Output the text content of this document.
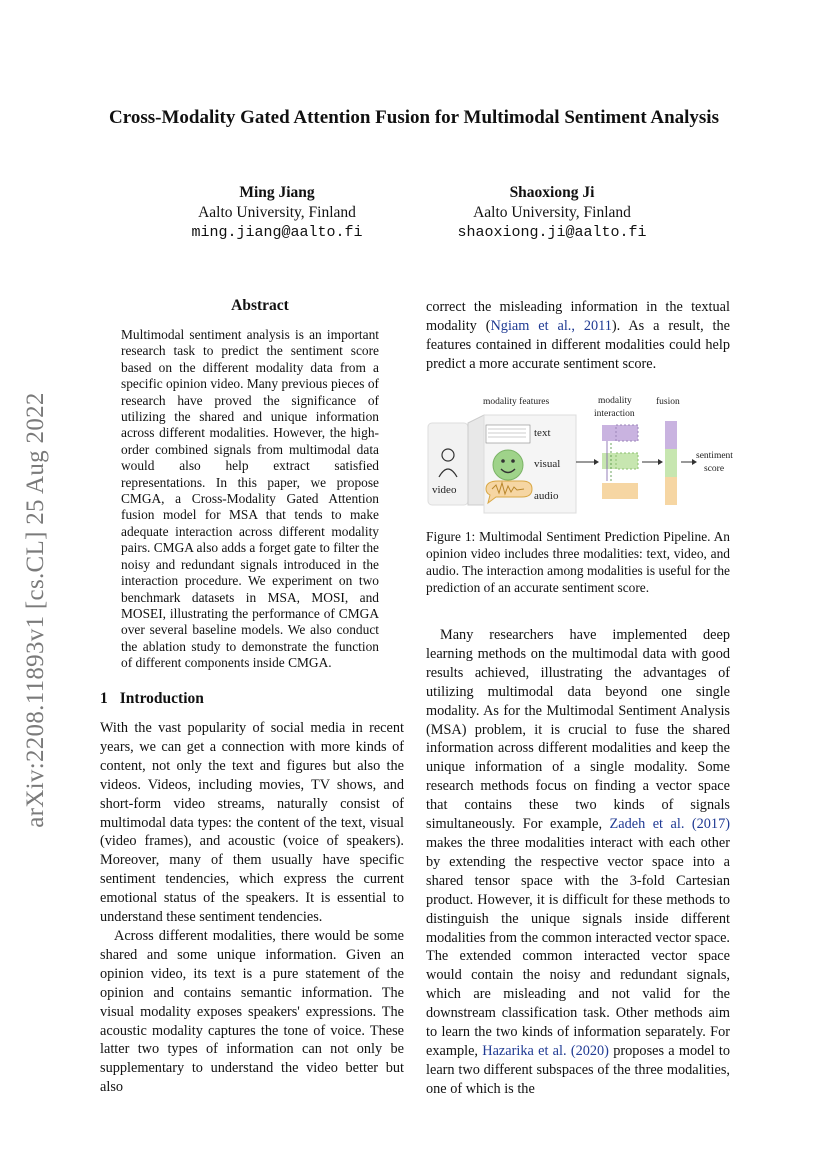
arXiv:2208.11893v1 [cs.CL] 25 Aug 2022
Cross-Modality Gated Attention Fusion for Multimodal Sentiment Analysis
Ming Jiang
Aalto University, Finland
ming.jiang@aalto.fi
Shaoxiong Ji
Aalto University, Finland
shaoxiong.ji@aalto.fi
Abstract
Multimodal sentiment analysis is an important research task to predict the sentiment score based on the different modality data from a specific opinion video. Many previous pieces of research have proved the significance of utilizing the shared and unique information across different modalities. However, the high-order combined signals from multimodal data would also help extract satisfied representations. In this paper, we propose CMGA, a Cross-Modality Gated Attention fusion model for MSA that tends to make adequate interaction across different modality pairs. CMGA also adds a forget gate to filter the noisy and redundant signals introduced in the interaction procedure. We experiment on two benchmark datasets in MSA, MOSI, and MOSEI, illustrating the performance of CMGA over several baseline models. We also conduct the ablation study to demonstrate the function of different components inside CMGA.
1 Introduction

With the vast popularity of social media in recent years, we can get a connection with more kinds of content, not only the text and figures but also the videos. Videos, including movies, TV shows, and short-form video streams, naturally consist of multimodal data types: the content of the text, visual (video frames), and acoustic (voice of speakers). Moreover, many of them usually have specific sentiment tendencies, which express the current emotional status of the speakers. It is essential to understand these sentiment tendencies.

Across different modalities, there would be some shared and some unique information. Given an opinion video, its text is a pure statement of the opinion and contains semantic information. The visual modality exposes speakers' expressions. The acoustic modality captures the tone of voice. These latter two types of information can not only be supplementary to understand the video better but also

correct the misleading information in the textual modality (Ngiam et al., 2011). As a result, the features contained in different modalities could help predict a more accurate sentiment score.

modality features	modality
interaction
fusion
text
visual
audio
video
sentiment
score
Figure 1: Multimodal Sentiment Prediction Pipeline. An opinion video includes three modalities: text, video, and audio. The interaction among modalities is useful for the prediction of an accurate sentiment score.

Many researchers have implemented deep learning methods on the multimodal data with good results achieved, illustrating the advantages of utilizing multimodal data beyond one single modality. As for the Multimodal Sentiment Analysis (MSA) problem, it is crucial to fuse the shared information across different modalities and keep the unique information of a single modality. Some research methods focus on finding a vector space that contains these two kinds of signals simultaneously. For example, Zadeh et al. (2017) makes the three modalities interact with each other by extending the respective vector space into a shared tensor space with the 3-fold Cartesian product. However, it is difficult for these methods to distinguish the unique signals inside different modalities from the common interacted vector space. The extended common interacted vector space would contain the noisy and redundant signals, which are misleading and not valid for the downstream classification task. Other methods aim to learn the two kinds of information separately. For example, Hazarika et al. (2020) proposes a model to learn two different subspaces of the three modalities, one of which is the
